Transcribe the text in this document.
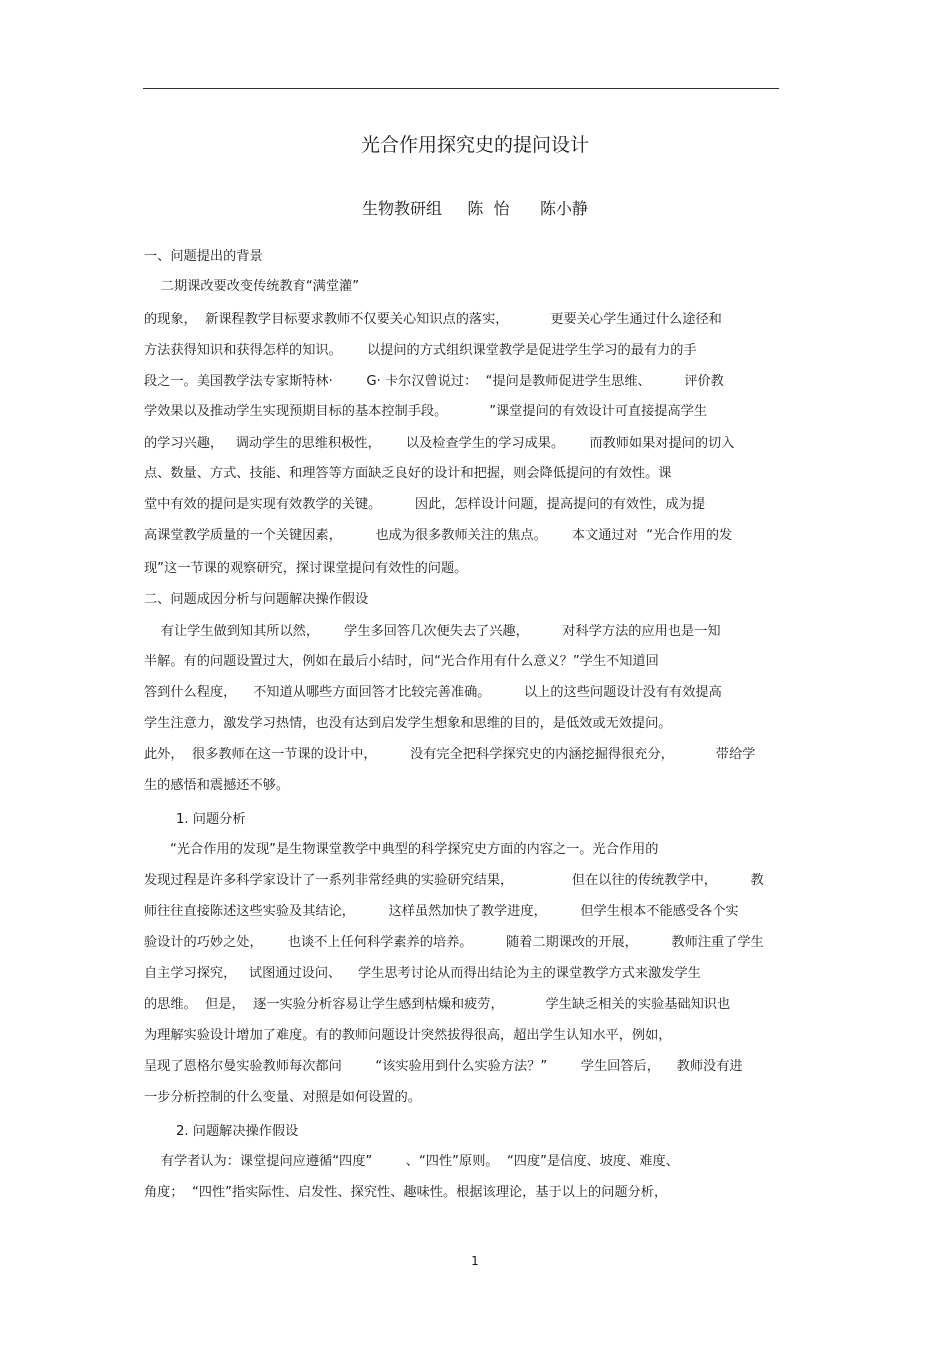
光合作用探究史的提问设计
生物教研组     陈  怡      陈小静
一、问题提出的背景
二期课改要改变传统教育“满堂灌”
的现象，  新课程教学目标要求教师不仅要关心知识点的落实，          更要关心学生通过什么途径和
方法获得知识和获得怎样的知识。      以提问的方式组织课堂教学是促进学生学习的最有力的手
段之一。美国教学法专家斯特林·        G· 卡尔汉曾说过：  “提问是教师促进学生思维、        评价教
学效果以及推动学生实现预期目标的基本控制手段。          ”课堂提问的有效设计可直接提高学生
的学习兴趣，   调动学生的思维积极性，      以及检查学生的学习成果。      而教师如果对提问的切入
点、数量、方式、技能、和理答等方面缺乏良好的设计和把握，则会降低提问的有效性。课
堂中有效的提问是实现有效教学的关键。        因此，怎样设计问题，提高提问的有效性，成为提
高课堂教学质量的一个关键因素，        也成为很多教师关注的焦点。      本文通过对  “光合作用的发
现”这一节课的观察研究，探讨课堂提问有效性的问题。
二、问题成因分析与问题解决操作假设
有让学生做到知其所以然，      学生多回答几次便失去了兴趣，        对科学方法的应用也是一知
半解。有的问题设置过大，例如在最后小结时，问“光合作用有什么意义？”学生不知道回
答到什么程度，    不知道从哪些方面回答才比较完善准确。        以上的这些问题设计没有有效提高
学生注意力，激发学习热情，也没有达到启发学生想象和思维的目的，是低效或无效提问。
此外，  很多教师在这一节课的设计中，        没有完全把科学探究史的内涵挖掘得很充分，          带给学
生的感悟和震撼还不够。
1. 问题分析
“光合作用的发现”是生物课堂教学中典型的科学探究史方面的内容之一。光合作用的
发现过程是许多科学家设计了一系列非常经典的实验研究结果，              但在以往的传统教学中，        教
师往往直接陈述这些实验及其结论，        这样虽然加快了教学进度，        但学生根本不能感受各个实
验设计的巧妙之处，      也谈不上任何科学素养的培养。        随着二期课改的开展，        教师注重了学生
自主学习探究，   试图通过设问、    学生思考讨论从而得出结论为主的课堂教学方式来激发学生
的思维。  但是，  逐一实验分析容易让学生感到枯燥和疲劳，          学生缺乏相关的实验基础知识也
为理解实验设计增加了难度。有的教师问题设计突然拔得很高，超出学生认知水平，例如，
呈现了恩格尔曼实验教师每次都问        “该实验用到什么实验方法？”        学生回答后，    教师没有进
一步分析控制的什么变量、对照是如何设置的。
2. 问题解决操作假设
有学者认为：课堂提问应遵循“四度”        、“四性”原则。  “四度”是信度、坡度、难度、
角度；  “四性”指实际性、启发性、探究性、趣味性。根据该理论，基于以上的问题分析，
1
